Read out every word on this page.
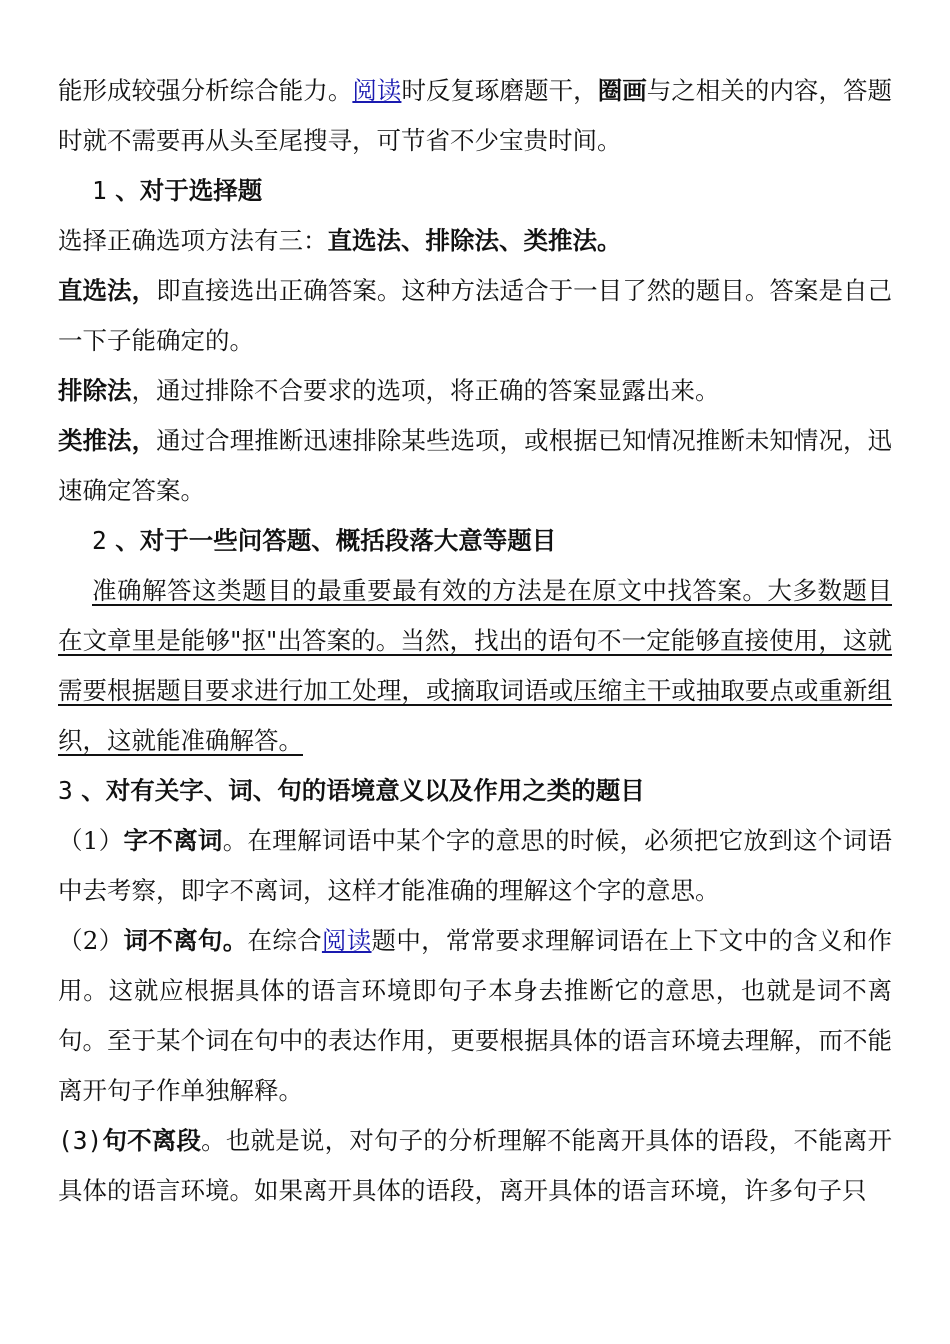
能形成较强分析综合能力。阅读时反复琢磨题干，圈画与之相关的内容，答题时就不需要再从头至尾搜寻，可节省不少宝贵时间。

1 、对于选择题

选择正确选项方法有三：直选法、排除法、类推法。

直选法，即直接选出正确答案。这种方法适合于一目了然的题目。答案是自己一下子能确定的。

排除法，通过排除不合要求的选项，将正确的答案显露出来。

类推法，通过合理推断迅速排除某些选项，或根据已知情况推断未知情况，迅速确定答案。

2 、对于一些问答题、概括段落大意等题目

准确解答这类题目的最重要最有效的方法是在原文中找答案。大多数题目在文章里是能够"抠"出答案的。当然，找出的语句不一定能够直接使用，这就需要根据题目要求进行加工处理，或摘取词语或压缩主干或抽取要点或重新组织，这就能准确解答。

3 、对有关字、词、句的语境意义以及作用之类的题目

（1）字不离词。在理解词语中某个字的意思的时候，必须把它放到这个词语中去考察，即字不离词，这样才能准确的理解这个字的意思。

（2）词不离句。在综合阅读题中，常常要求理解词语在上下文中的含义和作用。这就应根据具体的语言环境即句子本身去推断它的意思，也就是词不离句。至于某个词在句中的表达作用，更要根据具体的语言环境去理解，而不能离开句子作单独解释。

(3)句不离段。也就是说，对句子的分析理解不能离开具体的语段，不能离开具体的语言环境。如果离开具体的语段，离开具体的语言环境，许多句子只
